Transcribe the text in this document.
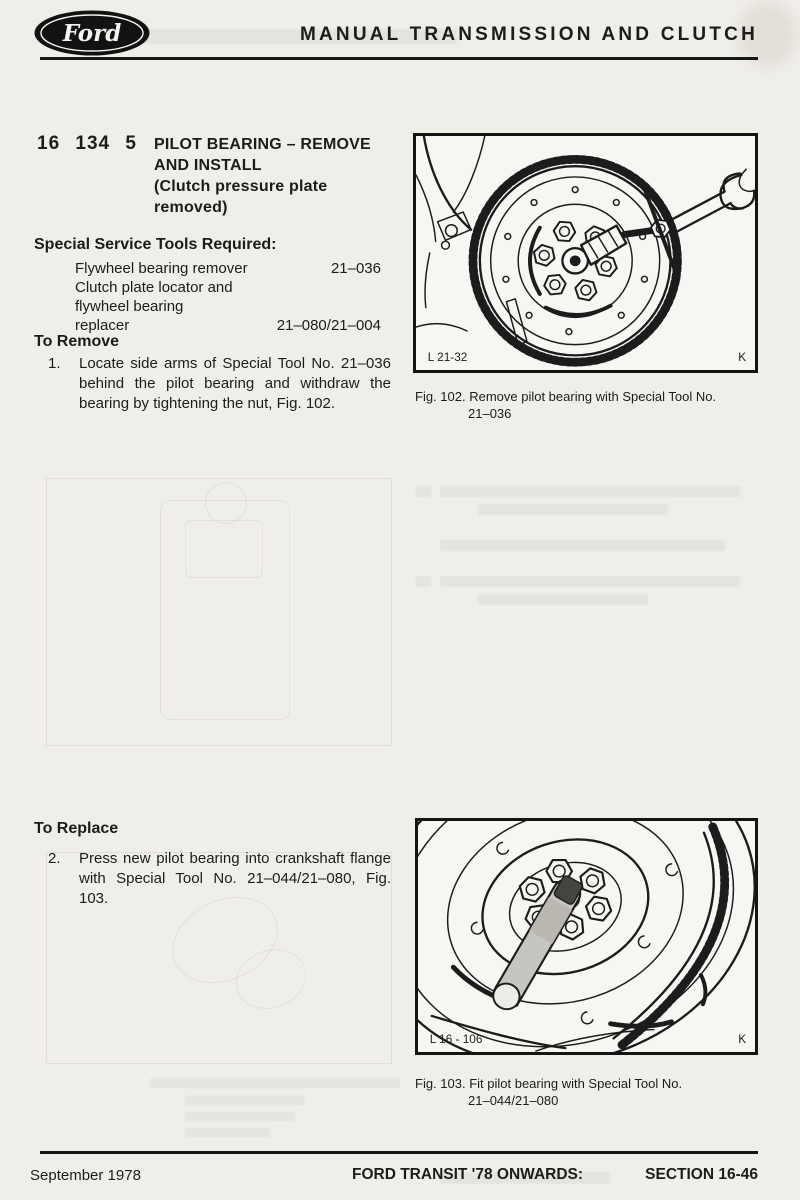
Ford	MANUAL TRANSMISSION AND CLUTCH
16 134 5 PILOT BEARING – REMOVE
AND INSTALL
(Clutch pressure plate
removed)
Special Service Tools Required:
Flywheel bearing remover	21–036
Clutch plate locator and
flywheel bearing
replacer	21–080/21–004
To Remove
1.	Locate side arms of Special Tool No. 21–036 behind the pilot bearing and withdraw the bearing by tightening the nut, Fig. 102.
L 21-32	K
Fig. 102. Remove pilot bearing with Special Tool No.
21–036
To Replace
2.	Press new pilot bearing into crankshaft flange with Special Tool No. 21–044/21–080, Fig. 103.
L 16 - 106	K
Fig. 103. Fit pilot bearing with Special Tool No.
21–044/21–080
September 1978	FORD TRANSIT '78 ONWARDS:	SECTION 16-46
